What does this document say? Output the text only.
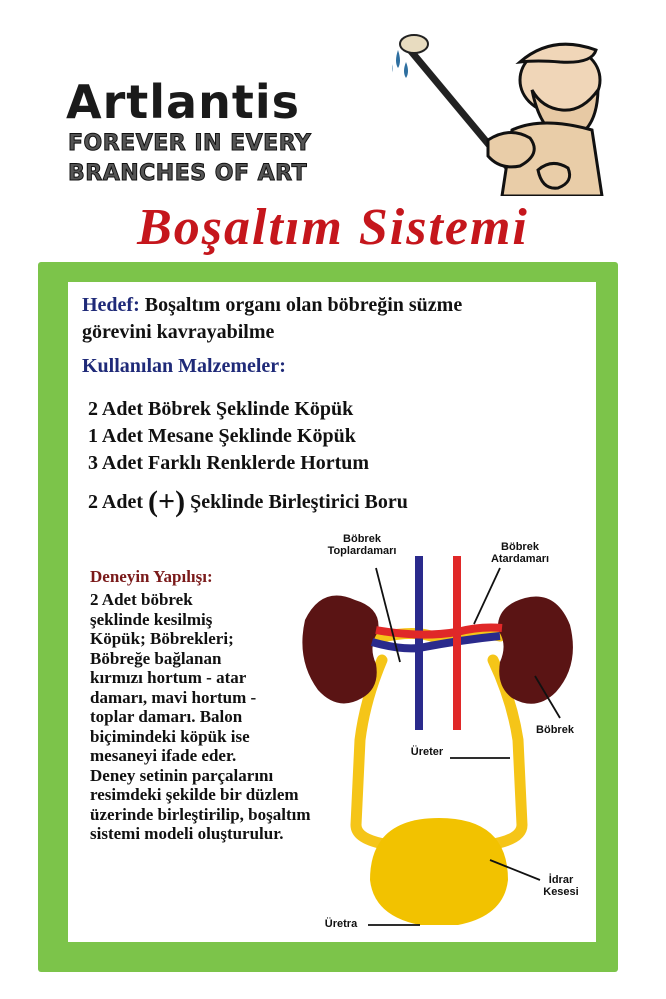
Artlantis
FOREVER IN EVERY
BRANCHES OF ART
Boşaltım Sistemi
Hedef: Boşaltım organı olan böbreğin süzme
görevini kavrayabilme
Kullanılan Malzemeler:
2 Adet Böbrek Şeklinde Köpük
1 Adet Mesane Şeklinde Köpük
3 Adet Farklı Renklerde Hortum
2 Adet (+) Şeklinde Birleştirici Boru
Böbrek
Toplardamarı	Böbrek
Atardamarı
Böbrek
Üreter
İdrar
Kesesi
Üretra
Deneyin Yapılışı:
2 Adet böbrek
şeklinde kesilmiş
Köpük; Böbrekleri;
Böbreğe bağlanan
kırmızı hortum - atar
damarı, mavi hortum -
toplar damarı. Balon
biçimindeki köpük ise
mesaneyi ifade eder.
Deney setinin parçalarını
resimdeki şekilde bir düzlem
üzerinde birleştirilip, boşaltım
sistemi modeli oluşturulur.
